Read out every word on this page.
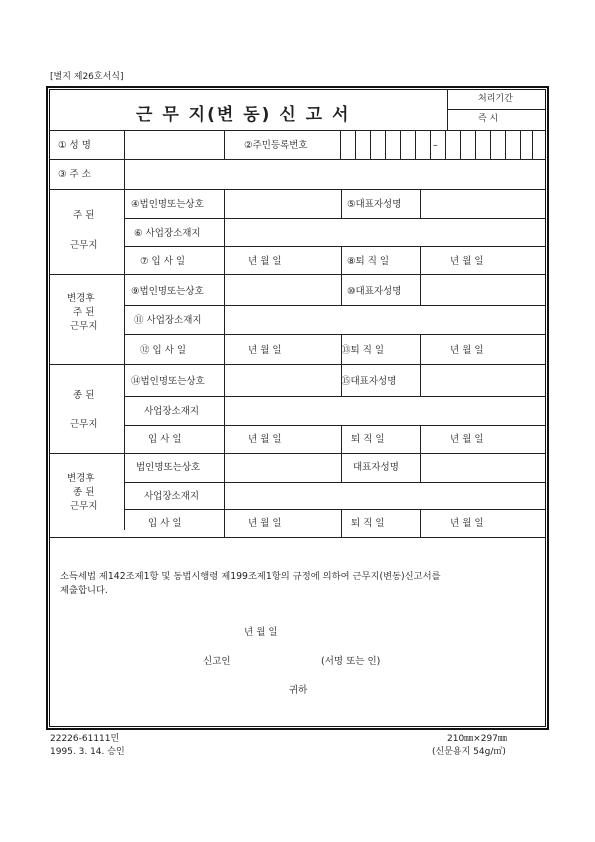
[별지 제26호서식]
근 무 지(변 동) 신 고 서
처리기간
즉 시
① 성 명	②주민등록번호	–
③ 주 소
주 된
근무지
④법인명또는상호	⑤대표자성명
⑥ 사업장소재지
⑦ 입 사 일	년 월 일	⑧퇴 직 일	년 월 일
변경후
주 된
근무지
⑨법인명또는상호	⑩대표자성명
⑪ 사업장소재지
⑫ 입 사 일	년 월 일	⑬퇴 직 일	년 월 일
종 된
근무지
⑭법인명또는상호	⑮대표자성명
사업장소재지
입 사 일	년 월 일	퇴 직 일	년 월 일
변경후
종 된
근무지
법인명또는상호	대표자성명
사업장소재지
입 사 일	년 월 일	퇴 직 일	년 월 일
소득세법 제142조제1항 및 동법시행령 제199조제1항의 규정에 의하여 근무지(변동)신고서를
제출합니다.
년 월 일
신고인	(서명 또는 인)
귀하
22226-61111민
1995. 3. 14. 승인
210㎜×297㎜
(신문용지 54g/㎡)
